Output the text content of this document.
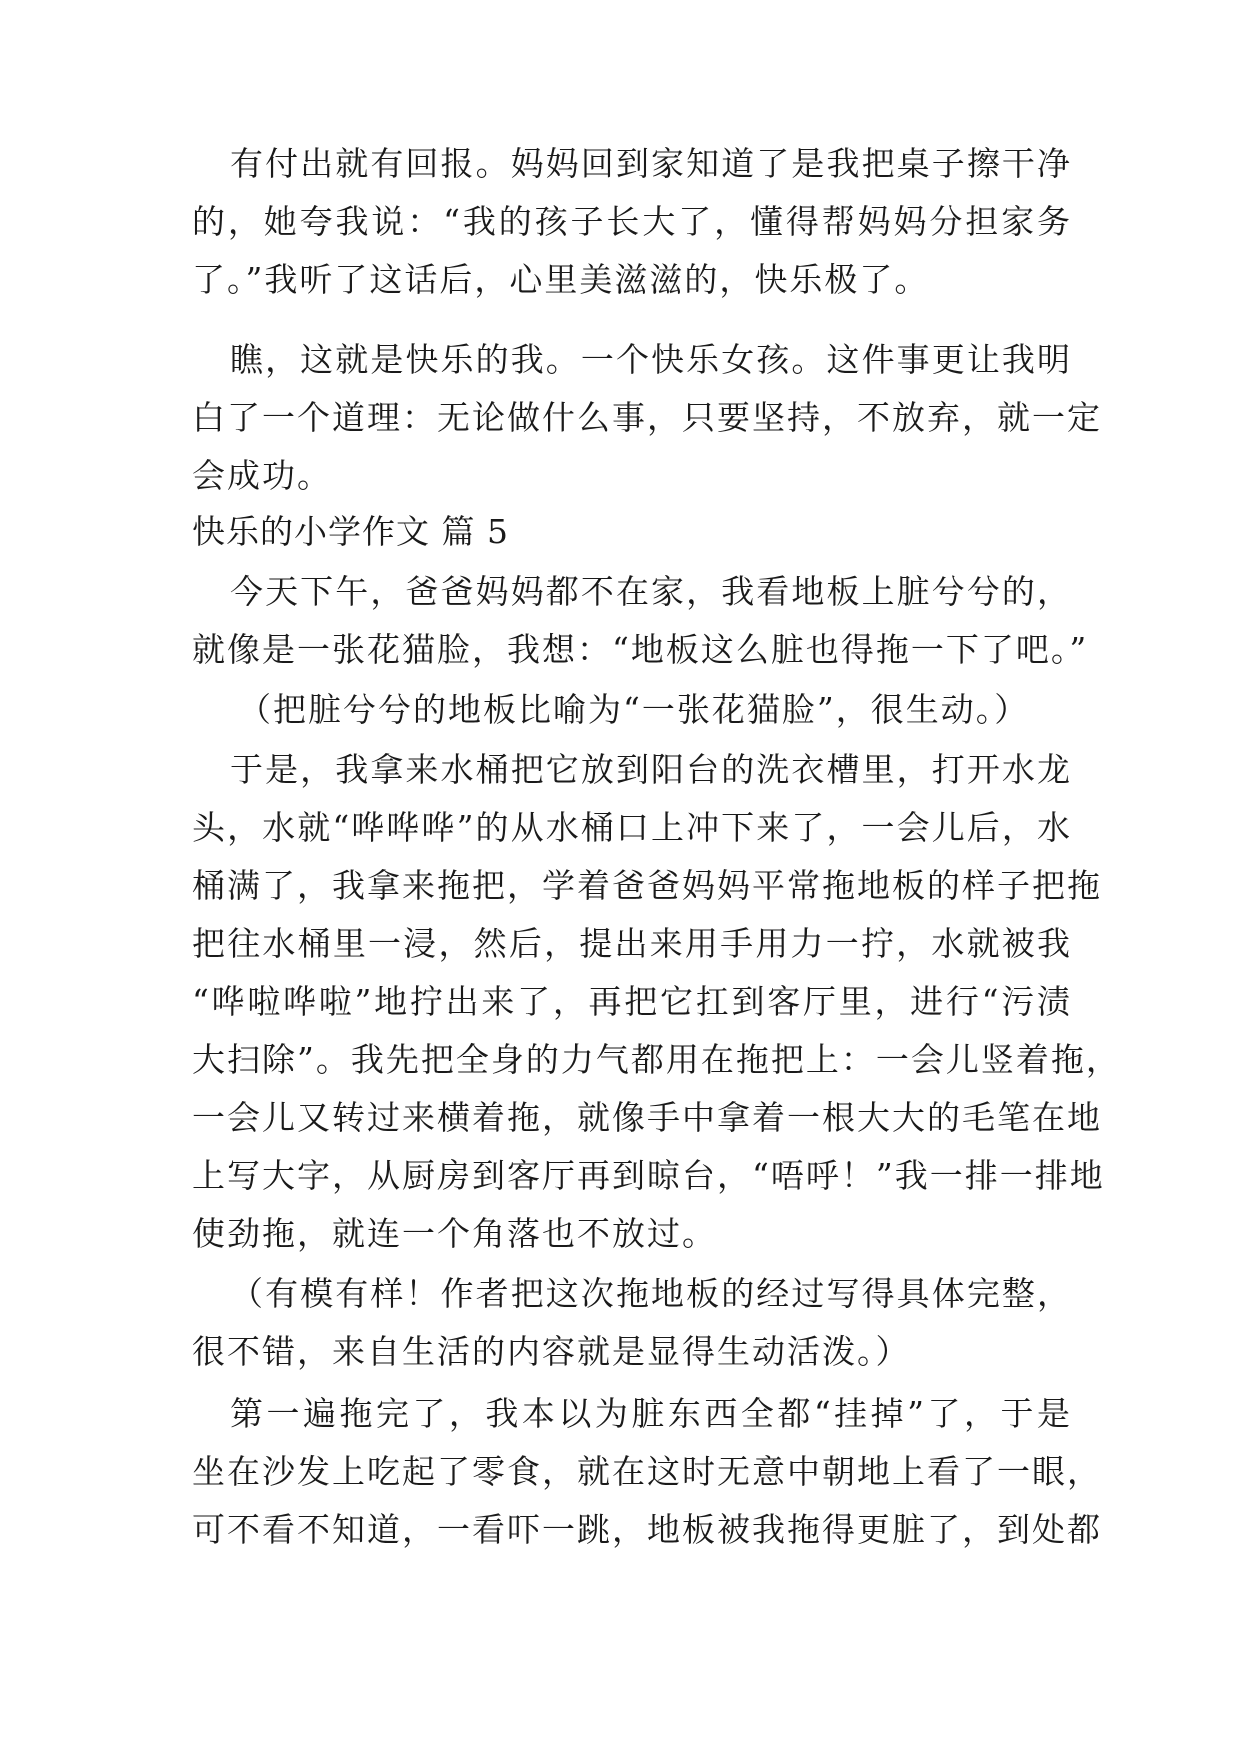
有付出就有回报。妈妈回到家知道了是我把桌子擦干净
的，她夸我说：“我的孩子长大了，懂得帮妈妈分担家务
了。”我听了这话后，心里美滋滋的，快乐极了。
瞧，这就是快乐的我。一个快乐女孩。这件事更让我明
白了一个道理：无论做什么事，只要坚持，不放弃，就一定
会成功。
快乐的小学作文 篇 5
今天下午，爸爸妈妈都不在家，我看地板上脏兮兮的，
就像是一张花猫脸，我想：“地板这么脏也得拖一下了吧。”
（把脏兮兮的地板比喻为“一张花猫脸”，很生动。）
于是，我拿来水桶把它放到阳台的洗衣槽里，打开水龙
头，水就“哗哗哗”的从水桶口上冲下来了，一会儿后，水
桶满了，我拿来拖把，学着爸爸妈妈平常拖地板的样子把拖
把往水桶里一浸，然后，提出来用手用力一拧，水就被我
“哗啦哗啦”地拧出来了，再把它扛到客厅里，进行“污渍
大扫除”。我先把全身的力气都用在拖把上：一会儿竖着拖，
一会儿又转过来横着拖，就像手中拿着一根大大的毛笔在地
上写大字，从厨房到客厅再到晾台，“唔呼！”我一排一排地
使劲拖，就连一个角落也不放过。
（有模有样！作者把这次拖地板的经过写得具体完整，
很不错，来自生活的内容就是显得生动活泼。）
第一遍拖完了，我本以为脏东西全都“挂掉”了，于是
坐在沙发上吃起了零食，就在这时无意中朝地上看了一眼，
可不看不知道，一看吓一跳，地板被我拖得更脏了，到处都
